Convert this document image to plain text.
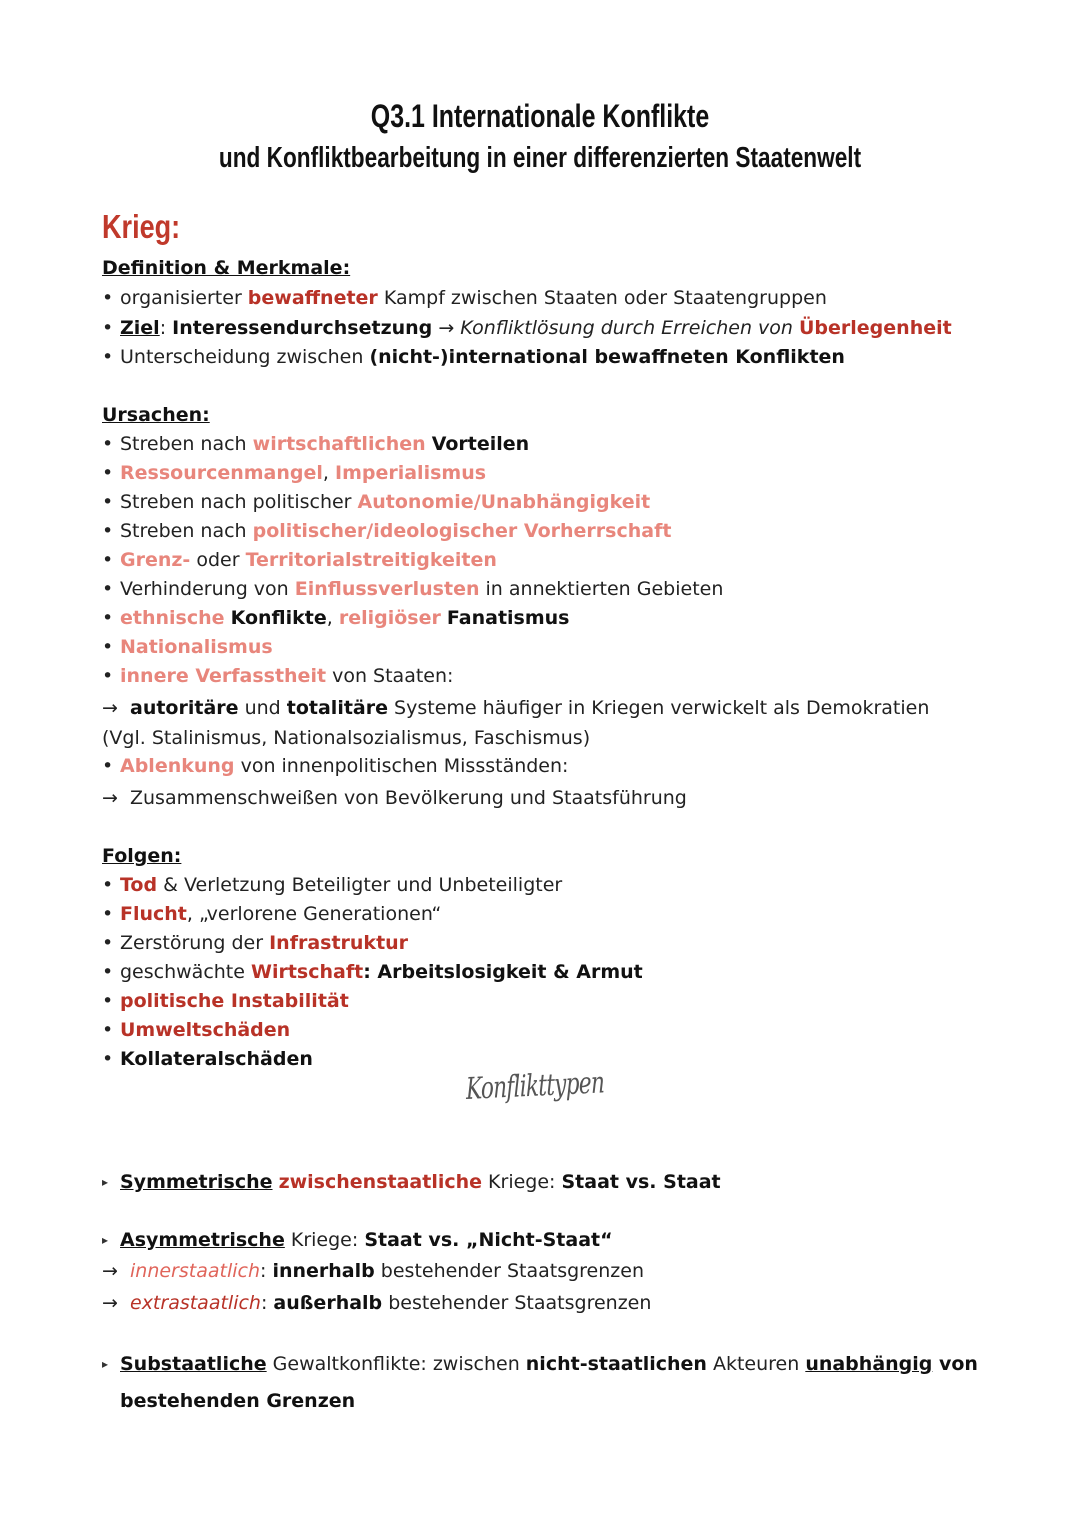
Q3.1 Internationale Konflikte
und Konfliktbearbeitung in einer differenzierten Staatenwelt
Krieg:
Definition & Merkmale:
• organisierter bewaffneter Kampf zwischen Staaten oder Staatengruppen
• Ziel: Interessendurchsetzung → Konfliktlösung durch Erreichen von Überlegenheit
• Unterscheidung zwischen (nicht-)international bewaffneten Konflikten
Ursachen:
• Streben nach wirtschaftlichen Vorteilen
• Ressourcenmangel, Imperialismus
• Streben nach politischer Autonomie/Unabhängigkeit
• Streben nach politischer/ideologischer Vorherrschaft
• Grenz- oder Territorialstreitigkeiten
• Verhinderung von Einflussverlusten in annektierten Gebieten
• ethnische Konflikte, religiöser Fanatismus
• Nationalismus
• innere Verfasstheit von Staaten:
→ autoritäre und totalitäre Systeme häufiger in Kriegen verwickelt als Demokratien
(Vgl. Stalinismus, Nationalsozialismus, Faschismus)
• Ablenkung von innenpolitischen Missständen:
→ Zusammenschweißen von Bevölkerung und Staatsführung
Folgen:
• Tod & Verletzung Beteiligter und Unbeteiligter
• Flucht, „verlorene Generationen“
• Zerstörung der Infrastruktur
• geschwächte Wirtschaft: Arbeitslosigkeit & Armut
• politische Instabilität
• Umweltschäden
• Kollateralschäden
Konflikttypen
▸ Symmetrische zwischenstaatliche Kriege: Staat vs. Staat
▸ Asymmetrische Kriege: Staat vs. „Nicht-Staat“
→ innerstaatlich: innerhalb bestehender Staatsgrenzen
→ extrastaatlich: außerhalb bestehender Staatsgrenzen
▸ Substaatliche Gewaltkonflikte: zwischen nicht-staatlichen Akteuren unabhängig von
bestehenden Grenzen
